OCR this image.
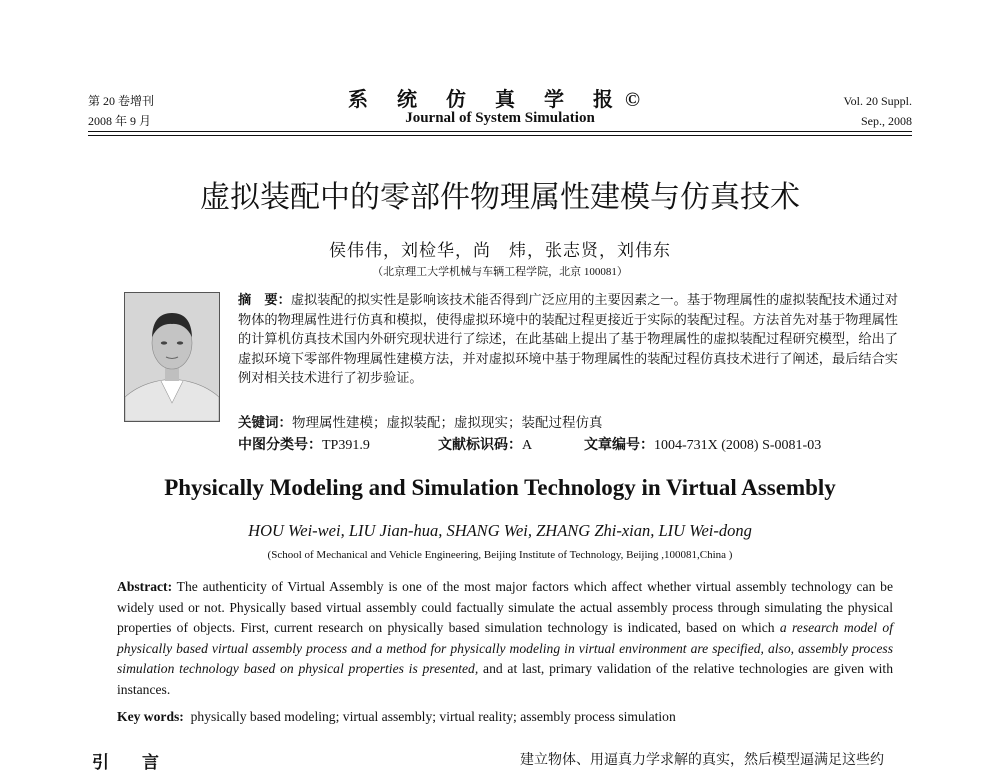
第 20 卷增刊
2008 年 9 月
系 统 仿 真 学 报©
Journal of System Simulation
Vol. 20 Suppl.
Sep., 2008
虚拟装配中的零部件物理属性建模与仿真技术
侯伟伟，刘检华，尚　炜，张志贤，刘伟东
（北京理工大学机械与车辆工程学院，北京 100081）
摘　要：虚拟装配的拟实性是影响该技术能否得到广泛应用的主要因素之一。基于物理属性的虚拟装配技术通过对物体的物理属性进行仿真和模拟，使得虚拟环境中的装配过程更接近于实际的装配过程。方法首先对基于物理属性的计算机仿真技术国内外研究现状进行了综述，在此基础上提出了基于物理属性的虚拟装配过程研究模型，给出了虚拟环境下零部件物理属性建模方法，并对虚拟环境中基于物理属性的装配过程仿真技术进行了阐述，最后结合实例对相关技术进行了初步验证。
关键词：物理属性建模；虚拟装配；虚拟现实；装配过程仿真
中图分类号：TP391.9	文献标识码：A	文章编号：1004-731X (2008) S-0081-03
Physically Modeling and Simulation Technology in Virtual Assembly
HOU Wei-wei, LIU Jian-hua, SHANG Wei, ZHANG Zhi-xian, LIU Wei-dong
(School of Mechanical and Vehicle Engineering, Beijing Institute of Technology, Beijing ,100081,China )
Abstract: The authenticity of Virtual Assembly is one of the most major factors which affect whether virtual assembly technology can be widely used or not. Physically based virtual assembly could factually simulate the actual assembly process through simulating the physical properties of objects. First, current research on physically based simulation technology is indicated, based on which a research model of physically based virtual assembly process and a method for physically modeling in virtual environment are specified, also, assembly process simulation technology based on physical properties is presented, and at last, primary validation of the relative technologies are given with instances.
Key words: physically based modeling; virtual assembly; virtual reality; assembly process simulation
引　言	建立物体、用逼真力学求解的真实，然后模型逼满足这些约
